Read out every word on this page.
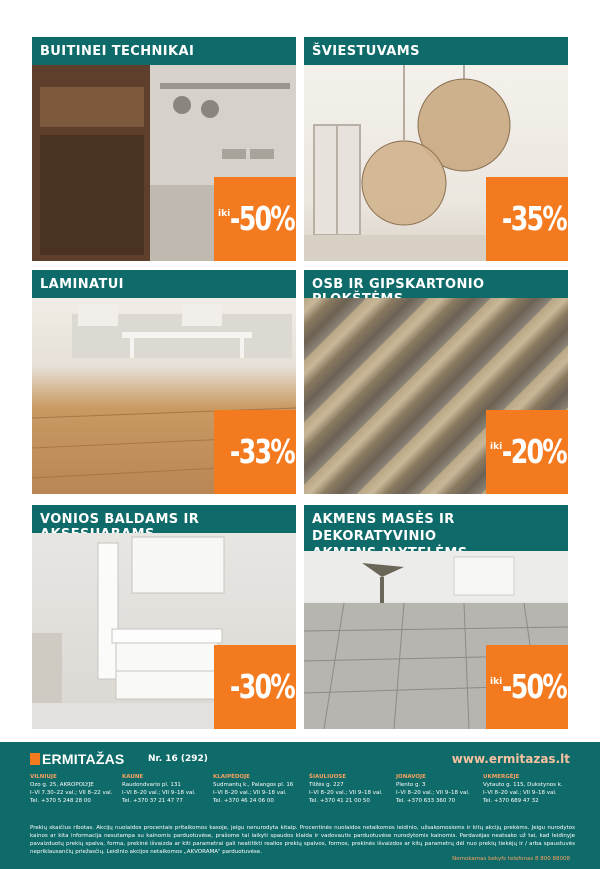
BUITINEI TECHNIKAI
iki -50%
ŠVIESTUVAMS
-35%
LAMINATUI
-33%
OSB IR GIPSKARTONIO
iki -20%
VONIOS BALDAMS IR
-30%
AKMENS MASĖS IR DEKORATYVINIO
iki -50%
ERMITAŽAS	Nr. 16 (292)	www.ermitazas.lt
VILNIUJE
Ozo g. 25, AKROPOLYJE
I–VI 7.30–22 val.; VII 8–22 val.
Tel. +370 5 248 28 00
KAUNE
Raudondvario pl. 131
I–VI 8–20 val.; VII 9–18 val.
Tel. +370 37 21 47 77
KLAIPĖDOJE
Sudmantų k., Palangos pl. 16
I–VI 8–20 val.; VII 9–18 val.
Tel. +370 46 24 06 00
ŠIAULIUOSE
Tilžės g. 227
I–VI 8–20 val.; VII 9–18 val.
Tel. +370 41 21 00 50
JONAVOJE
Plento g. 3
I–VI 8–20 val.; VII 9–18 val.
Tel. +370 633 360 70
UKMERGĖJE
Vytauto g. 115, Dukstynos k.
I–VI 8–20 val.; VII 9–18 val.
Tel. +370 689 47 32
Prekių skaičius ribotas. Akcijų nuolaidos procentais pritaikomos kasoje, jeigu nenurodyta kitaip. Procentinės nuolaidos netaikomos leidinio, užsakomosioms ir kitų akcijų prekėms. Jeigu nurodytos kainos ar kita informacija nesutampa su kainomis parduotuvėse, prašome tai laikyti spaudos klaida ir vadovautis parduotuvėse nurodytomis kainomis. Pardavėjas neatsako už tai, kad leidinyje pavaizduotų prekių spalva, forma, prekinė išvaizda ar kiti parametrai gali neatitikti realios prekių spalvos, formos, prekinės išvaizdos ar kitų parametrų dėl nuo prekių tiekėjų ir / arba spaustuvės nepriklausančių priežasčių. Leidinio akcijos netaikomos „AKVORAMA" parduotuvėse.
Nemokamas bekyfs telefonas 8 800 88008
